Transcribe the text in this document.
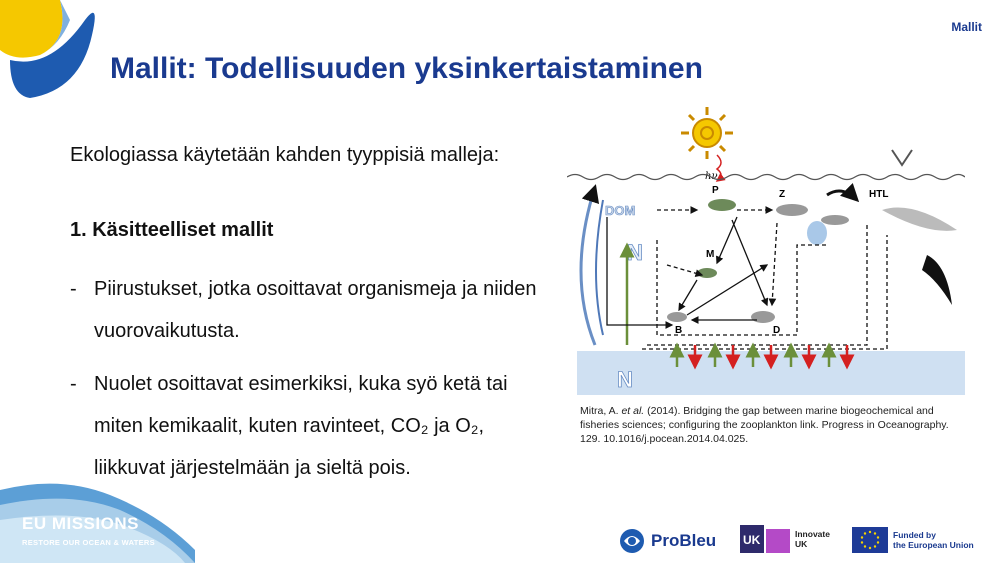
Mallit
Mallit: Todellisuuden yksinkertaistaminen
Ekologiassa käytetään kahden tyyppisiä malleja:
1. Käsitteelliset mallit
- Piirustukset, jotka osoittavat organismeja ja niiden vuorovaikutusta.
- Nuolet osoittavat esimerkiksi, kuka syö ketä tai miten kemikaalit, kuten ravinteet, CO₂ ja O₂, liikkuvat järjestelmään ja sieltä pois.
hν
DOM
N
N
P	Z
M
B	D
HTL
Mitra, A. et al. (2014). Bridging the gap between marine biogeochemical and fisheries sciences; configuring the zooplankton link. Progress in Oceanography. 129. 10.1016/j.pocean.2014.04.025.
EU MISSIONS
RESTORE OUR OCEAN & WATERS	ProBleu UK	Innovate
UK
Funded by
the European Union
